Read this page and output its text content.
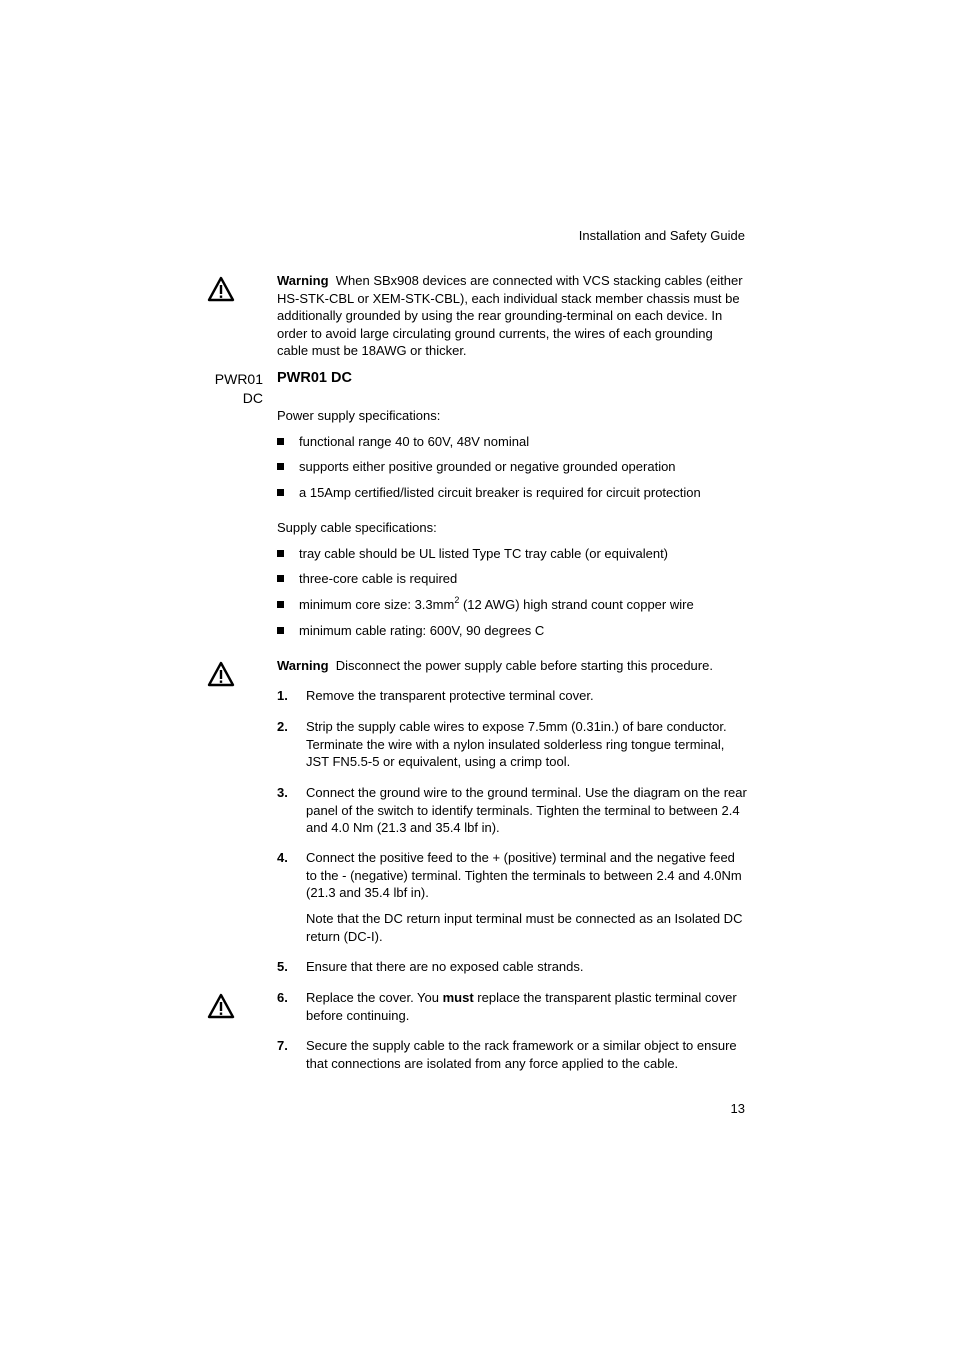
Installation and Safety Guide
Warning When SBx908 devices are connected with VCS stacking cables (either HS-STK-CBL or XEM-STK-CBL), each individual stack member chassis must be additionally grounded by using the rear grounding-terminal on each device. In order to avoid large circulating ground currents, the wires of each grounding cable must be 18AWG or thicker.
PWR01 DC
PWR01 DC
Power supply specifications:
functional range 40 to 60V, 48V nominal
supports either positive grounded or negative grounded operation
a 15Amp certified/listed circuit breaker is required for circuit protection
Supply cable specifications:
tray cable should be UL listed Type TC tray cable (or equivalent)
three-core cable is required
minimum core size: $3.3mm^2$ (12 AWG) high strand count copper wire
minimum cable rating: 600V, 90 degrees C
Warning Disconnect the power supply cable before starting this procedure.
1. Remove the transparent protective terminal cover.
2. Strip the supply cable wires to expose 7.5mm (0.31in.) of bare conductor. Terminate the wire with a nylon insulated solderless ring tongue terminal, JST FN5.5-5 or equivalent, using a crimp tool.
3. Connect the ground wire to the ground terminal. Use the diagram on the rear panel of the switch to identify terminals. Tighten the terminal to between 2.4 and 4.0 Nm (21.3 and 35.4 lbf in).
4. Connect the positive feed to the + (positive) terminal and the negative feed to the - (negative) terminal. Tighten the terminals to between 2.4 and 4.0Nm (21.3 and 35.4 lbf in).
Note that the DC return input terminal must be connected as an Isolated DC return (DC-I).
5. Ensure that there are no exposed cable strands.
6. Replace the cover. You must replace the transparent plastic terminal cover before continuing.
7. Secure the supply cable to the rack framework or a similar object to ensure that connections are isolated from any force applied to the cable.
13
